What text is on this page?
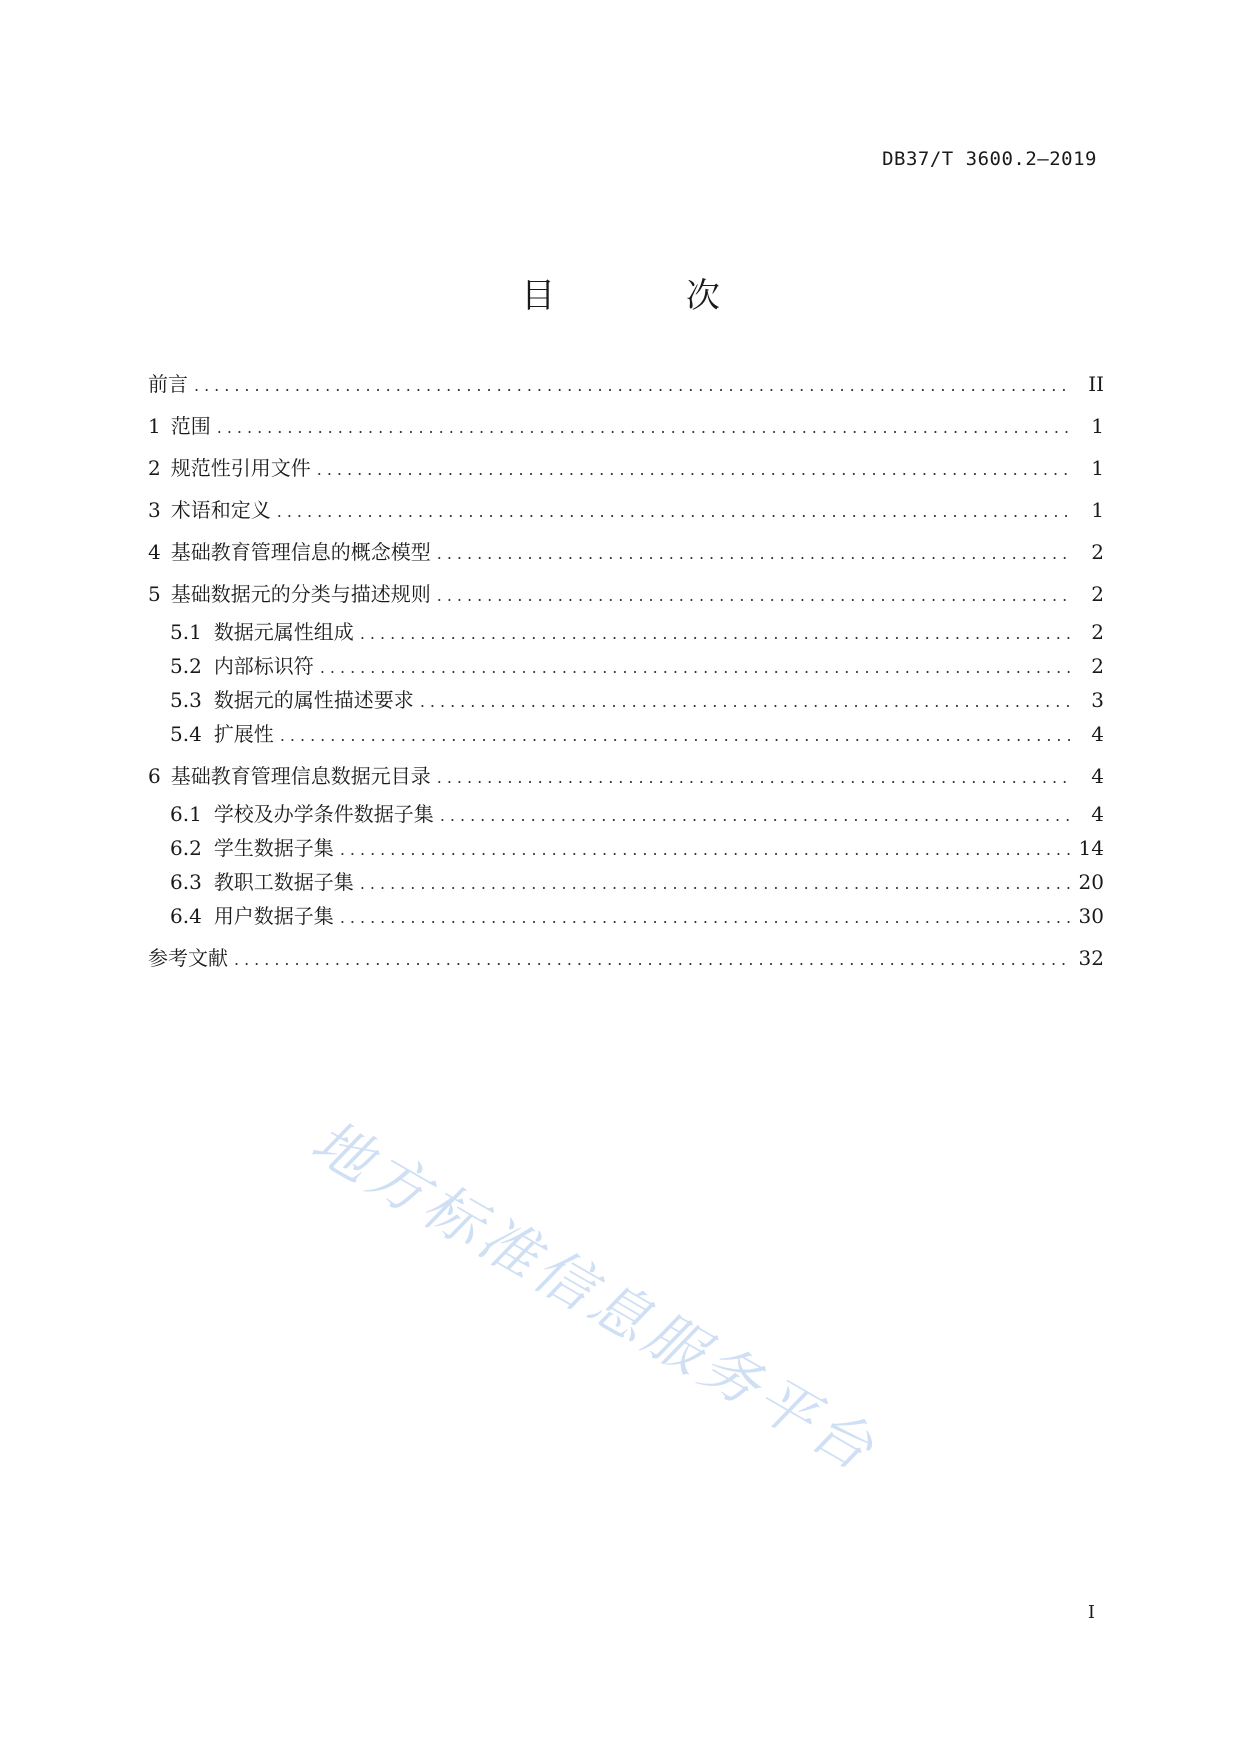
DB37/T 3600.2—2019
目 次
前言 .....	II
1 范围 .....	1
2 规范性引用文件 .....	1
3 术语和定义 .....	1
4 基础教育管理信息的概念模型 .....	2
5 基础数据元的分类与描述规则 .....	2
5.1 数据元属性组成 .....	2
5.2 内部标识符 .....	2
5.3 数据元的属性描述要求 .....	3
5.4 扩展性 .....	4
6 基础教育管理信息数据元目录 .....	4
6.1 学校及办学条件数据子集 .....	4
6.2 学生数据子集 .....	14
6.3 教职工数据子集 .....	20
6.4 用户数据子集 .....	30
参考文献 .....	32
地方标准信息服务平台
I
